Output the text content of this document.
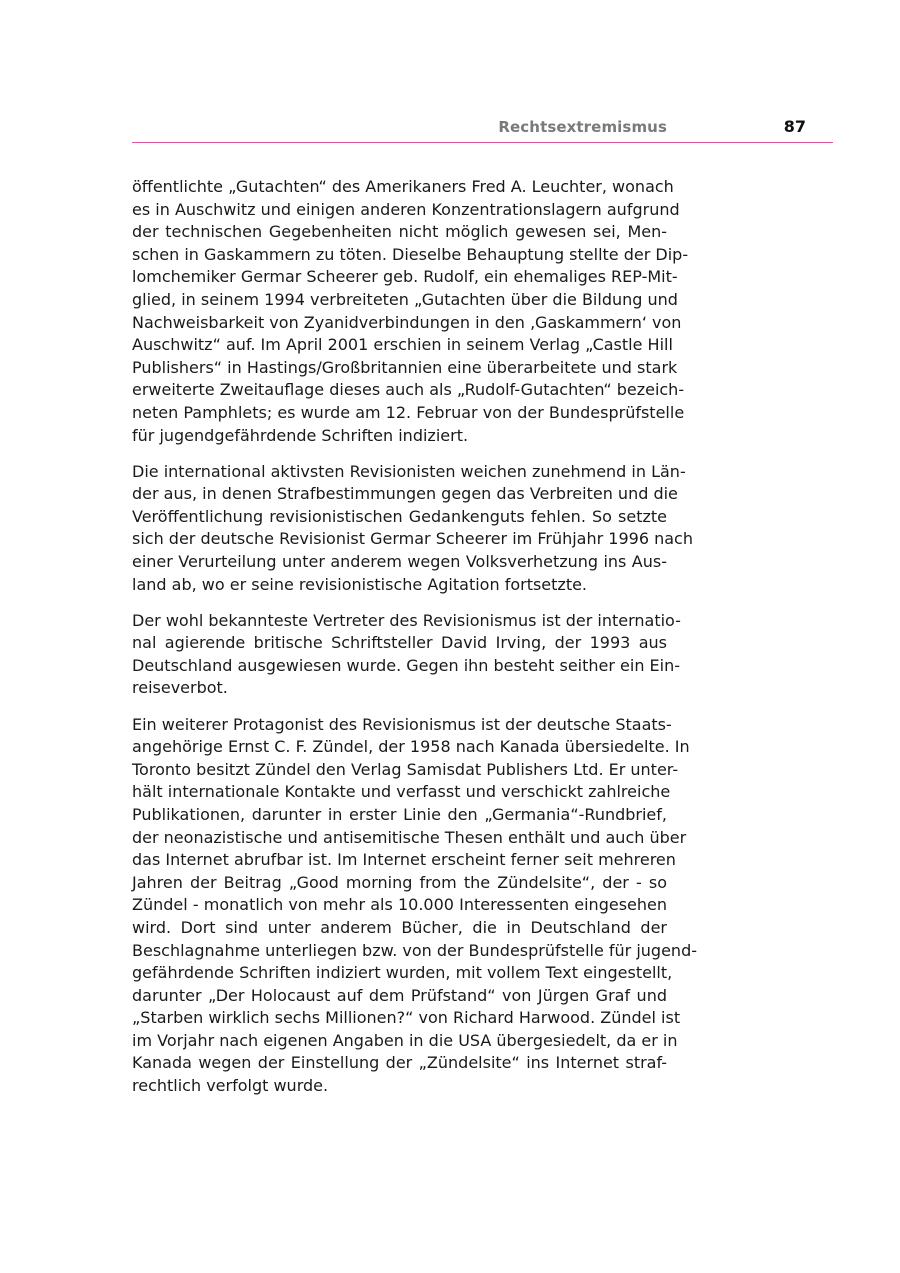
Rechtsextremismus	87

öffentlichte „Gutachten“ des Amerikaners Fred A. Leuchter, wonach
es in Auschwitz und einigen anderen Konzentrationslagern aufgrund
der technischen Gegebenheiten nicht möglich gewesen sei, Men-
schen in Gaskammern zu töten. Dieselbe Behauptung stellte der Dip-
lomchemiker Germar Scheerer geb. Rudolf, ein ehemaliges REP-Mit-
glied, in seinem 1994 verbreiteten „Gutachten über die Bildung und
Nachweisbarkeit von Zyanidverbindungen in den ‚Gaskammern‘ von
Auschwitz“ auf. Im April 2001 erschien in seinem Verlag „Castle Hill
Publishers“ in Hastings/Großbritannien eine überarbeitete und stark
erweiterte Zweitauflage dieses auch als „Rudolf-Gutachten“ bezeich-
neten Pamphlets; es wurde am 12. Februar von der Bundesprüfstelle
für jugendgefährdende Schriften indiziert.

Die international aktivsten Revisionisten weichen zunehmend in Län-
der aus, in denen Strafbestimmungen gegen das Verbreiten und die
Veröffentlichung revisionistischen Gedankenguts fehlen. So setzte
sich der deutsche Revisionist Germar Scheerer im Frühjahr 1996 nach
einer Verurteilung unter anderem wegen Volksverhetzung ins Aus-
land ab, wo er seine revisionistische Agitation fortsetzte.

Der wohl bekannteste Vertreter des Revisionismus ist der internatio-
nal agierende britische Schriftsteller David Irving, der 1993 aus
Deutschland ausgewiesen wurde. Gegen ihn besteht seither ein Ein-
reiseverbot.

Ein weiterer Protagonist des Revisionismus ist der deutsche Staats-
angehörige Ernst C. F. Zündel, der 1958 nach Kanada übersiedelte. In
Toronto besitzt Zündel den Verlag Samisdat Publishers Ltd. Er unter-
hält internationale Kontakte und verfasst und verschickt zahlreiche
Publikationen, darunter in erster Linie den „Germania“-Rundbrief,
der neonazistische und antisemitische Thesen enthält und auch über
das Internet abrufbar ist. Im Internet erscheint ferner seit mehreren
Jahren der Beitrag „Good morning from the Zündelsite“, der - so
Zündel - monatlich von mehr als 10.000 Interessenten eingesehen
wird. Dort sind unter anderem Bücher, die in Deutschland der
Beschlagnahme unterliegen bzw. von der Bundesprüfstelle für jugend-
gefährdende Schriften indiziert wurden, mit vollem Text eingestellt,
darunter „Der Holocaust auf dem Prüfstand“ von Jürgen Graf und
„Starben wirklich sechs Millionen?“ von Richard Harwood. Zündel ist
im Vorjahr nach eigenen Angaben in die USA übergesiedelt, da er in
Kanada wegen der Einstellung der „Zündelsite“ ins Internet straf-
rechtlich verfolgt wurde.
